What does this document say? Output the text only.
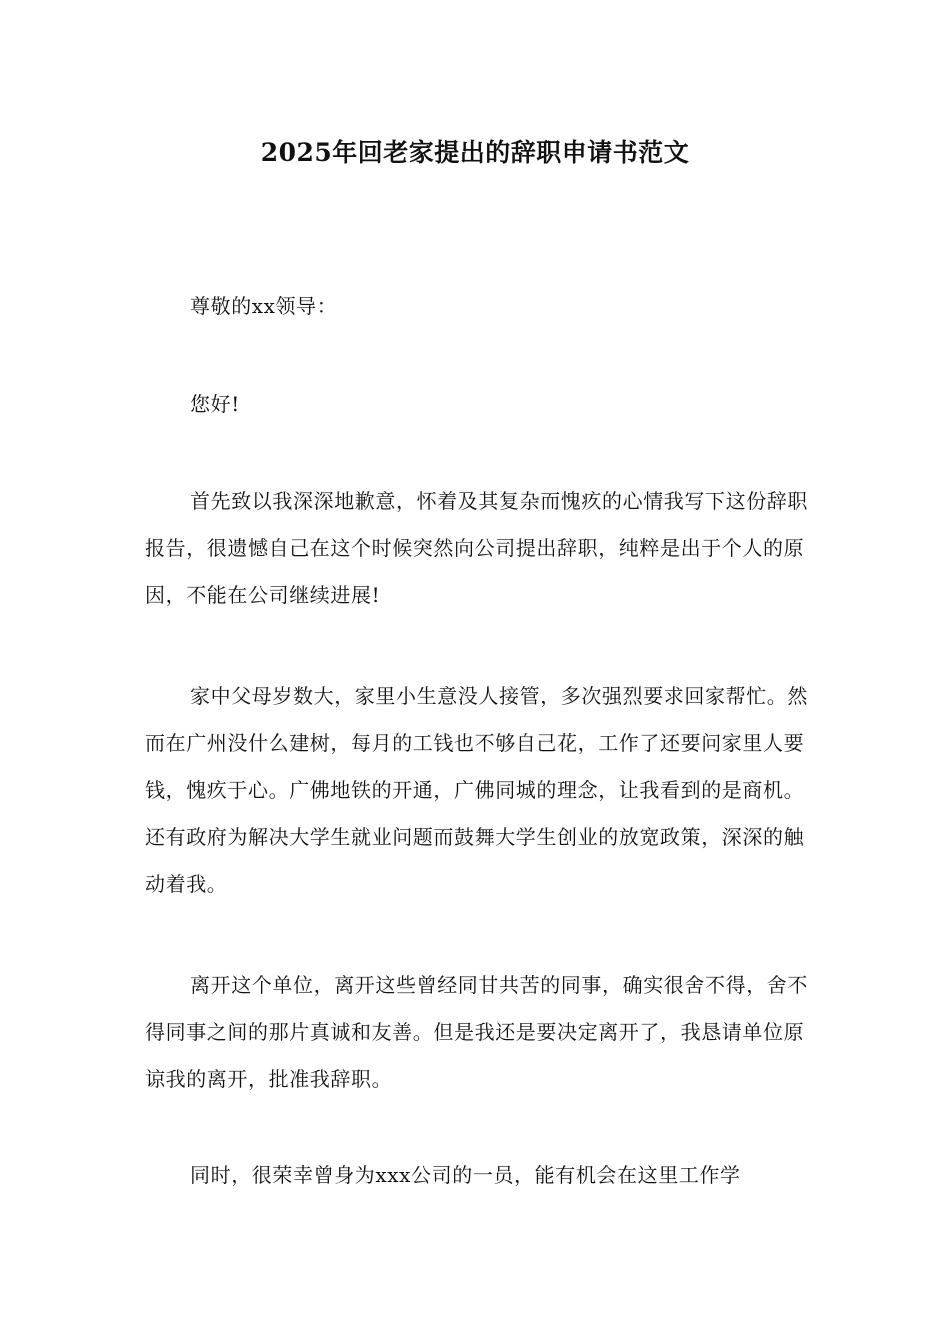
2025年回老家提出的辞职申请书范文

尊敬的xx领导：

您好!

首先致以我深深地歉意，怀着及其复杂而愧疚的心情我写下这份辞职报告，很遗憾自己在这个时候突然向公司提出辞职，纯粹是出于个人的原因，不能在公司继续进展!

家中父母岁数大，家里小生意没人接管，多次强烈要求回家帮忙。然而在广州没什么建树，每月的工钱也不够自己花，工作了还要问家里人要钱，愧疚于心。广佛地铁的开通，广佛同城的理念，让我看到的是商机。还有政府为解决大学生就业问题而鼓舞大学生创业的放宽政策，深深的触动着我。

离开这个单位，离开这些曾经同甘共苦的同事，确实很舍不得，舍不得同事之间的那片真诚和友善。但是我还是要决定离开了，我恳请单位原谅我的离开，批准我辞职。

同时，很荣幸曾身为xxx公司的一员，能有机会在这里工作学
